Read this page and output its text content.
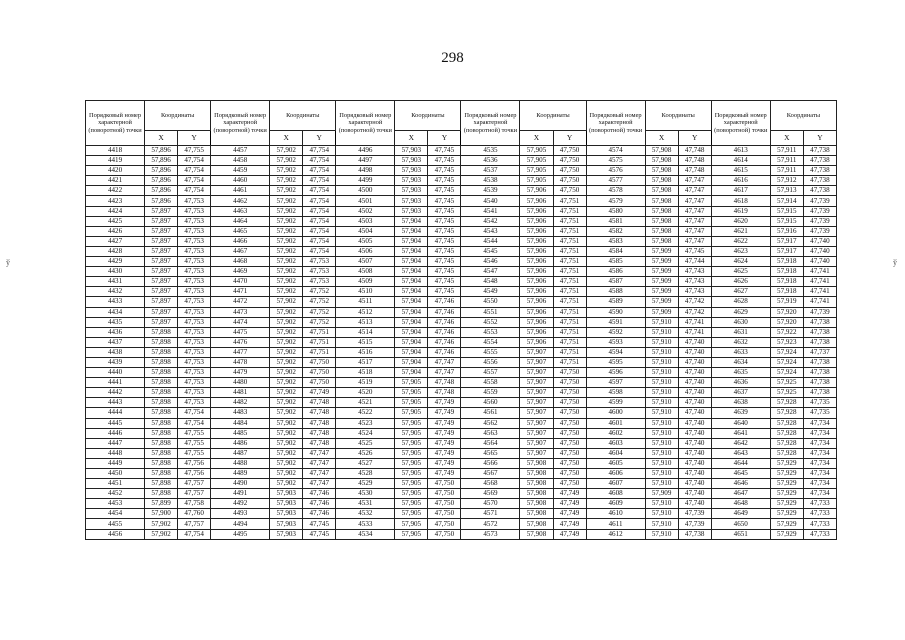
298
ў	ў
Порядковый номер характерной (поворотной) точки	Координаты		Порядковый номер характерной (поворотной) точки	Координаты		Порядковый номер характерной (поворотной) точки	Координаты		Порядковый номер характерной (поворотной) точки	Координаты		Порядковый номер характерной (поворотной) точки	Координаты		Порядковый номер характерной (поворотной) точки	Координаты	
	X	Y		X	Y		X	Y		X	Y		X	Y		X	Y
4418	57,896	47,755	4457	57,902	47,754	4496	57,903	47,745	4535	57,905	47,750	4574	57,908	47,748	4613	57,911	47,738
4419	57,896	47,754	4458	57,902	47,754	4497	57,903	47,745	4536	57,905	47,750	4575	57,908	47,748	4614	57,911	47,738
4420	57,896	47,754	4459	57,902	47,754	4498	57,903	47,745	4537	57,905	47,750	4576	57,908	47,748	4615	57,911	47,738
4421	57,896	47,754	4460	57,902	47,754	4499	57,903	47,745	4538	57,905	47,750	4577	57,908	47,747	4616	57,912	47,738
4422	57,896	47,754	4461	57,902	47,754	4500	57,903	47,745	4539	57,906	47,750	4578	57,908	47,747	4617	57,913	47,738
4423	57,896	47,753	4462	57,902	47,754	4501	57,903	47,745	4540	57,906	47,751	4579	57,908	47,747	4618	57,914	47,739
4424	57,897	47,753	4463	57,902	47,754	4502	57,903	47,745	4541	57,906	47,751	4580	57,908	47,747	4619	57,915	47,739
4425	57,897	47,753	4464	57,902	47,754	4503	57,904	47,745	4542	57,906	47,751	4581	57,908	47,747	4620	57,915	47,739
4426	57,897	47,753	4465	57,902	47,754	4504	57,904	47,745	4543	57,906	47,751	4582	57,908	47,747	4621	57,916	47,739
4427	57,897	47,753	4466	57,902	47,754	4505	57,904	47,745	4544	57,906	47,751	4583	57,908	47,747	4622	57,917	47,740
4428	57,897	47,753	4467	57,902	47,754	4506	57,904	47,745	4545	57,906	47,751	4584	57,909	47,745	4623	57,917	47,740
4429	57,897	47,753	4468	57,902	47,753	4507	57,904	47,745	4546	57,906	47,751	4585	57,909	47,744	4624	57,918	47,740
4430	57,897	47,753	4469	57,902	47,753	4508	57,904	47,745	4547	57,906	47,751	4586	57,909	47,743	4625	57,918	47,741
4431	57,897	47,753	4470	57,902	47,753	4509	57,904	47,745	4548	57,906	47,751	4587	57,909	47,743	4626	57,918	47,741
4432	57,897	47,753	4471	57,902	47,752	4510	57,904	47,745	4549	57,906	47,751	4588	57,909	47,743	4627	57,918	47,741
4433	57,897	47,753	4472	57,902	47,752	4511	57,904	47,746	4550	57,906	47,751	4589	57,909	47,742	4628	57,919	47,741
4434	57,897	47,753	4473	57,902	47,752	4512	57,904	47,746	4551	57,906	47,751	4590	57,909	47,742	4629	57,920	47,739
4435	57,897	47,753	4474	57,902	47,752	4513	57,904	47,746	4552	57,906	47,751	4591	57,910	47,741	4630	57,920	47,738
4436	57,898	47,753	4475	57,902	47,751	4514	57,904	47,746	4553	57,906	47,751	4592	57,910	47,741	4631	57,922	47,738
4437	57,898	47,753	4476	57,902	47,751	4515	57,904	47,746	4554	57,906	47,751	4593	57,910	47,740	4632	57,923	47,738
4438	57,898	47,753	4477	57,902	47,751	4516	57,904	47,746	4555	57,907	47,751	4594	57,910	47,740	4633	57,924	47,737
4439	57,898	47,753	4478	57,902	47,750	4517	57,904	47,747	4556	57,907	47,751	4595	57,910	47,740	4634	57,924	47,738
4440	57,898	47,753	4479	57,902	47,750	4518	57,904	47,747	4557	57,907	47,750	4596	57,910	47,740	4635	57,924	47,738
4441	57,898	47,753	4480	57,902	47,750	4519	57,905	47,748	4558	57,907	47,750	4597	57,910	47,740	4636	57,925	47,738
4442	57,898	47,753	4481	57,902	47,749	4520	57,905	47,748	4559	57,907	47,750	4598	57,910	47,740	4637	57,925	47,738
4443	57,898	47,753	4482	57,902	47,748	4521	57,905	47,749	4560	57,907	47,750	4599	57,910	47,740	4638	57,928	47,735
4444	57,898	47,754	4483	57,902	47,748	4522	57,905	47,749	4561	57,907	47,750	4600	57,910	47,740	4639	57,928	47,735
4445	57,898	47,754	4484	57,902	47,748	4523	57,905	47,749	4562	57,907	47,750	4601	57,910	47,740	4640	57,928	47,734
4446	57,898	47,755	4485	57,902	47,748	4524	57,905	47,749	4563	57,907	47,750	4602	57,910	47,740	4641	57,928	47,734
4447	57,898	47,755	4486	57,902	47,748	4525	57,905	47,749	4564	57,907	47,750	4603	57,910	47,740	4642	57,928	47,734
4448	57,898	47,755	4487	57,902	47,747	4526	57,905	47,749	4565	57,907	47,750	4604	57,910	47,740	4643	57,928	47,734
4449	57,898	47,756	4488	57,902	47,747	4527	57,905	47,749	4566	57,908	47,750	4605	57,910	47,740	4644	57,929	47,734
4450	57,898	47,756	4489	57,902	47,747	4528	57,905	47,749	4567	57,908	47,750	4606	57,910	47,740	4645	57,929	47,734
4451	57,898	47,757	4490	57,902	47,747	4529	57,905	47,750	4568	57,908	47,750	4607	57,910	47,740	4646	57,929	47,734
4452	57,898	47,757	4491	57,903	47,746	4530	57,905	47,750	4569	57,908	47,749	4608	57,909	47,740	4647	57,929	47,734
4453	57,899	47,758	4492	57,903	47,746	4531	57,905	47,750	4570	57,908	47,749	4609	57,910	47,740	4648	57,929	47,733
4454	57,900	47,760	4493	57,903	47,746	4532	57,905	47,750	4571	57,908	47,749	4610	57,910	47,739	4649	57,929	47,733
4455	57,902	47,757	4494	57,903	47,745	4533	57,905	47,750	4572	57,908	47,749	4611	57,910	47,739	4650	57,929	47,733
4456	57,902	47,754	4495	57,903	47,745	4534	57,905	47,750	4573	57,908	47,749	4612	57,910	47,738	4651	57,929	47,733
